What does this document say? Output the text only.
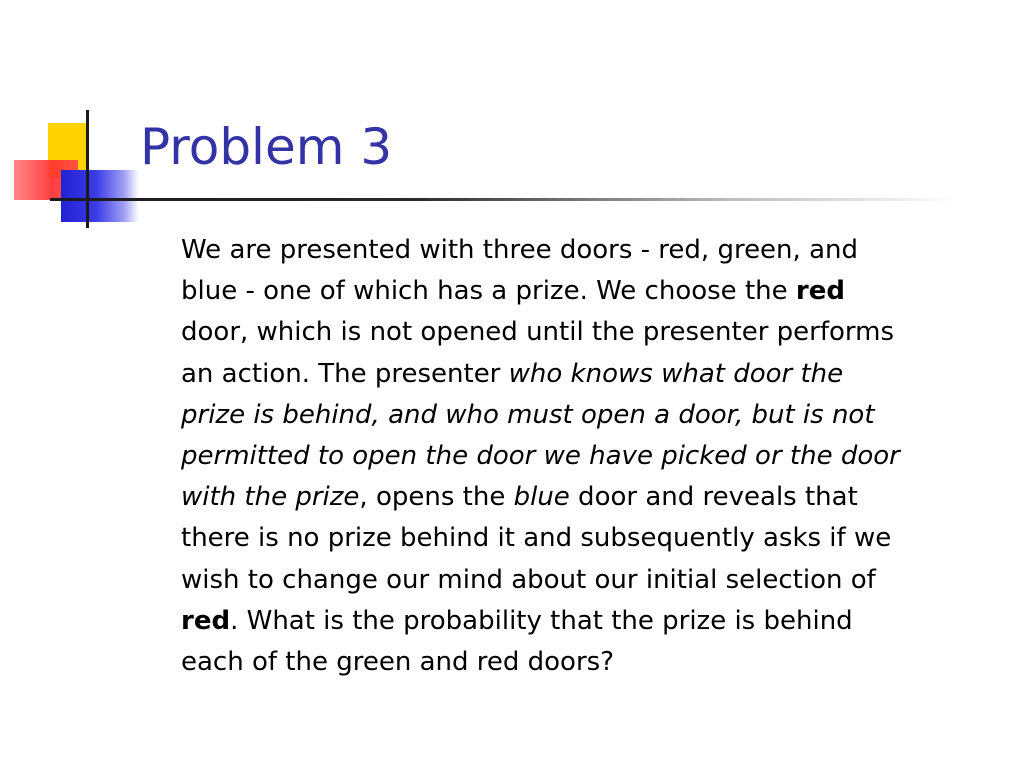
Problem 3
We are presented with three doors - red, green, and
blue - one of which has a prize. We choose the red
door, which is not opened until the presenter performs
an action. The presenter who knows what door the
prize is behind, and who must open a door, but is not
permitted to open the door we have picked or the door
with the prize, opens the blue door and reveals that
there is no prize behind it and subsequently asks if we
wish to change our mind about our initial selection of
red. What is the probability that the prize is behind
each of the green and red doors?
